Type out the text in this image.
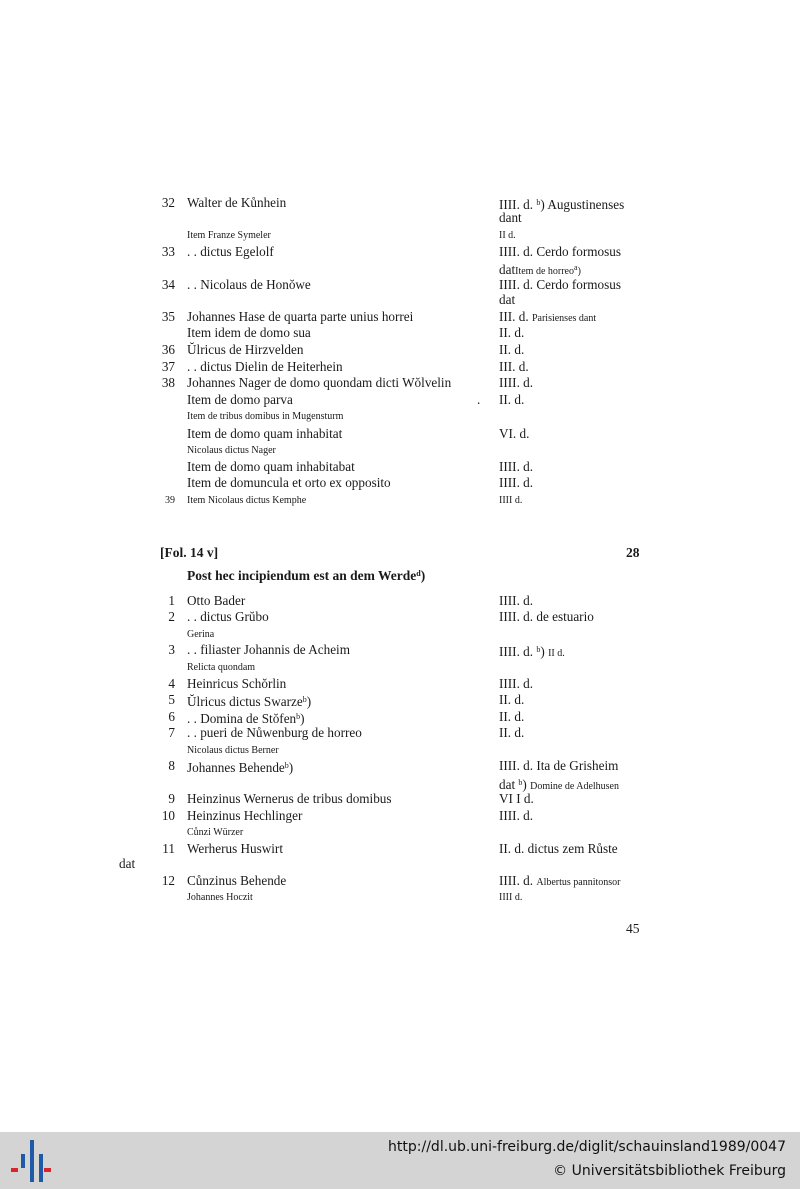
32 Walter de Kůnhein	IIII. d. $^b$) Augustinenses
dant
Item Franze Symeler	II d.
33 . . dictus Egelolf	IIII. d. Cerdo formosus
datItem de horreo$^a$)
34 . . Nicolaus de Honŏwe	IIII. d. Cerdo formosus
dat
35 Johannes Hase de quarta parte unius horrei	III. d. Parisienses dant
Item idem de domo sua	II. d.
36 Ŭlricus de Hirzvelden	II. d.
37 . . dictus Dielin de Heiterhein	III. d.
38 Johannes Nager de domo quondam dicti Wŏlvelin	IIII. d.
Item de domo parva	. II. d.
Item de tribus domibus in Mugensturm
Item de domo quam inhabitat	VI. d.
Nicolaus dictus Nager
Item de domo quam inhabitabat	IIII. d.
Item de domuncula et orto ex opposito	IIII. d.
39 Item Nicolaus dictus Kemphe	IIII d.
[Fol. 14 v]	28
Post hec incipiendum est an dem Werde$^d$)
1 Otto Bader	IIII. d.
2 . . dictus Grŭbo	IIII. d. de estuario
Gerina
3 . . filiaster Johannis de Acheim	IIII. d. $^b$) II d.
Relicta quondam
4 Heinricus Schŏrlin	IIII. d.
5 Ŭlricus dictus Swarze$^b$)	II. d.
6 . . Domina de Stŏfen$^b$)	II. d.
7 . . pueri de Nůwenburg de horreo	II. d.
Nicolaus dictus Berner
8 Johannes Behende$^b$)	IIII. d. Ita de Grisheim
dat $^b$) Domine de Adelhusen
9 Heinzinus Wernerus de tribus domibus	VI I d.
10 Heinzinus Hechlinger	IIII. d.
Cůnzi Würzer
11 Werherus Huswirt	II. d. dictus zem Růste
dat
12 Cůnzinus Behende	IIII. d. Albertus pannitonsor
Johannes Hoczit	IIII d.
45
http://dl.ub.uni-freiburg.de/diglit/schauinsland1989/0047
© Universitätsbibliothek Freiburg
